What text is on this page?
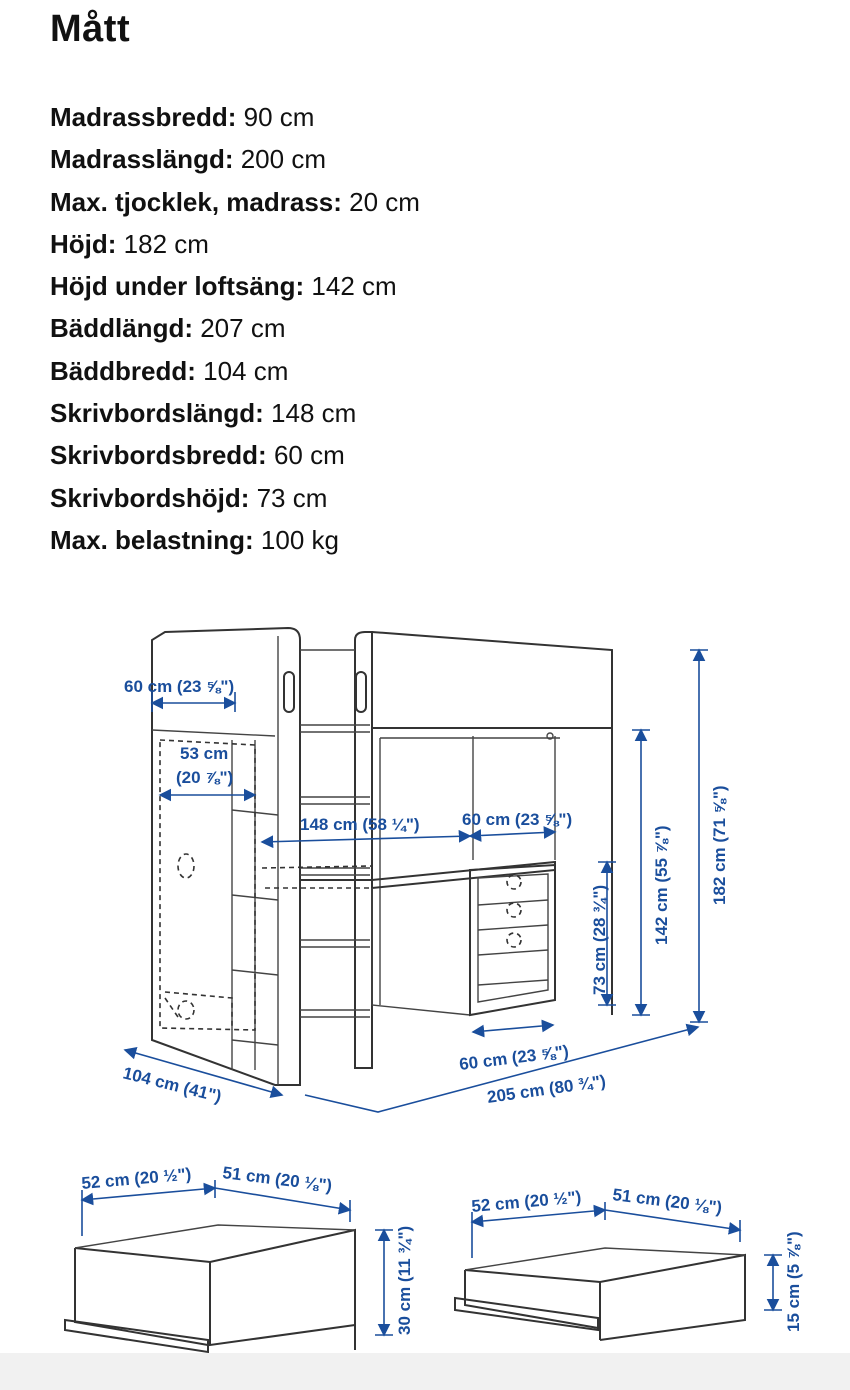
Mått
Madrassbredd: 90 cm
Madrasslängd: 200 cm
Max. tjocklek, madrass: 20 cm
Höjd: 182 cm
Höjd under loftsäng: 142 cm
Bäddlängd: 207 cm
Bäddbredd: 104 cm
Skrivbordslängd: 148 cm
Skrivbordsbredd: 60 cm
Skrivbordshöjd: 73 cm
Max. belastning: 100 kg
60 cm (23 ⅝")
53 cm
(20 ⅞")
148 cm (58 ¼") 60 cm (23 ⅝")
73 cm (28 ¾")	142 cm (55 ⅞") 182 cm (71 ⅝")
60 cm (23 ⅝")
104 cm (41")	205 cm (80 ¾")
52 cm (20 ½") 51 cm (20 ⅛")
30 cm (11 ¾")
52 cm (20 ½") 51 cm (20 ⅛")
15 cm (5 ⅞")
